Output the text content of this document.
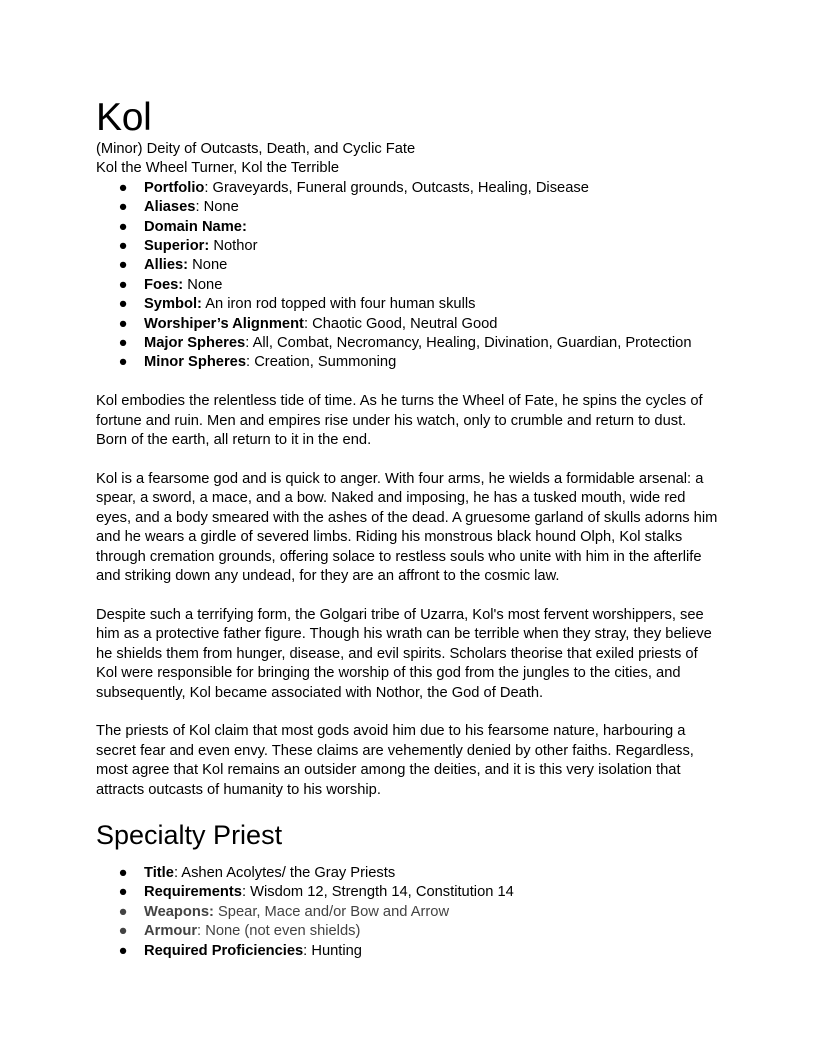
Kol

(Minor) Deity of Outcasts, Death, and Cyclic Fate

Kol the Wheel Turner, Kol the Terrible

● Portfolio: Graveyards, Funeral grounds, Outcasts, Healing, Disease
● Aliases: None
● Domain Name:
● Superior: Nothor
● Allies: None
● Foes: None
● Symbol: An iron rod topped with four human skulls
● Worshiper’s Alignment: Chaotic Good, Neutral Good
● Major Spheres: All, Combat, Necromancy, Healing, Divination, Guardian, Protection
● Minor Spheres: Creation, Summoning

Kol embodies the relentless tide of time. As he turns the Wheel of Fate, he spins the cycles of fortune and ruin. Men and empires rise under his watch, only to crumble and return to dust. Born of the earth, all return to it in the end.

Kol is a fearsome god and is quick to anger. With four arms, he wields a formidable arsenal: a spear, a sword, a mace, and a bow. Naked and imposing, he has a tusked mouth, wide red eyes, and a body smeared with the ashes of the dead. A gruesome garland of skulls adorns him and he wears a girdle of severed limbs. Riding his monstrous black hound Olph, Kol stalks through cremation grounds, offering solace to restless souls who unite with him in the afterlife and striking down any undead, for they are an affront to the cosmic law.

Despite such a terrifying form, the Golgari tribe of Uzarra, Kol's most fervent worshippers, see him as a protective father figure. Though his wrath can be terrible when they stray, they believe he shields them from hunger, disease, and evil spirits. Scholars theorise that exiled priests of Kol were responsible for bringing the worship of this god from the jungles to the cities, and subsequently, Kol became associated with Nothor, the God of Death.

The priests of Kol claim that most gods avoid him due to his fearsome nature, harbouring a secret fear and even envy. These claims are vehemently denied by other faiths. Regardless, most agree that Kol remains an outsider among the deities, and it is this very isolation that attracts outcasts of humanity to his worship.

Specialty Priest
● Title: Ashen Acolytes/ the Gray Priests
● Requirements: Wisdom 12, Strength 14, Constitution 14
● Weapons: Spear, Mace and/or Bow and Arrow
● Armour: None (not even shields)
● Required Proficiencies: Hunting
